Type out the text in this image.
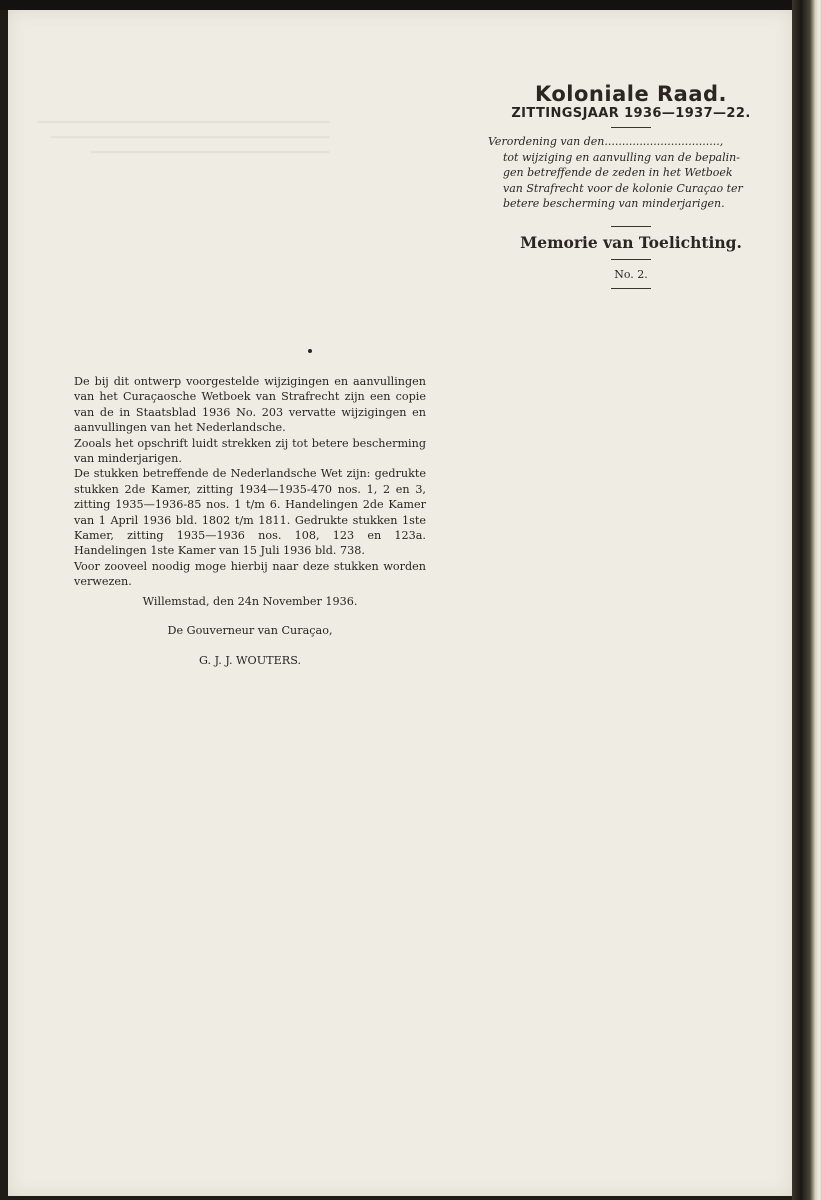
────────────────────────────────────────────
──────────────────────────────────────────
────────────────────────────────────

Koloniale Raad.
ZITTINGSJAAR 1936—1937—22.
Verordening van den.................................,
tot wijziging en aanvulling van de bepalin-
gen betreffende de zeden in het Wetboek
van Strafrecht voor de kolonie Curaçao ter
betere bescherming van minderjarigen.
Memorie van Toelichting.
No. 2.

De bij dit ontwerp voorgestelde wijzigingen en aanvullingen van het Curaçaosche Wetboek van Strafrecht zijn een copie van de in Staatsblad 1936 No. 203 vervatte wijzigingen en aanvullingen van het Nederlandsche.

Zooals het opschrift luidt strekken zij tot betere bescherming van minderjarigen.

De stukken betreffende de Nederlandsche Wet zijn: gedrukte stukken 2de Kamer, zitting 1934—1935-470 nos. 1, 2 en 3, zitting 1935—1936-85 nos. 1 t/m 6. Handelingen 2de Kamer van 1 April 1936 bld. 1802 t/m 1811. Gedrukte stukken 1ste Kamer, zitting 1935—1936 nos. 108, 123 en 123a. Handelingen 1ste Kamer van 15 Juli 1936 bld. 738.

Voor zooveel noodig moge hierbij naar deze stukken worden verwezen.

Willemstad, den 24n November 1936.

De Gouverneur van Curaçao,

G. J. J. WOUTERS.
